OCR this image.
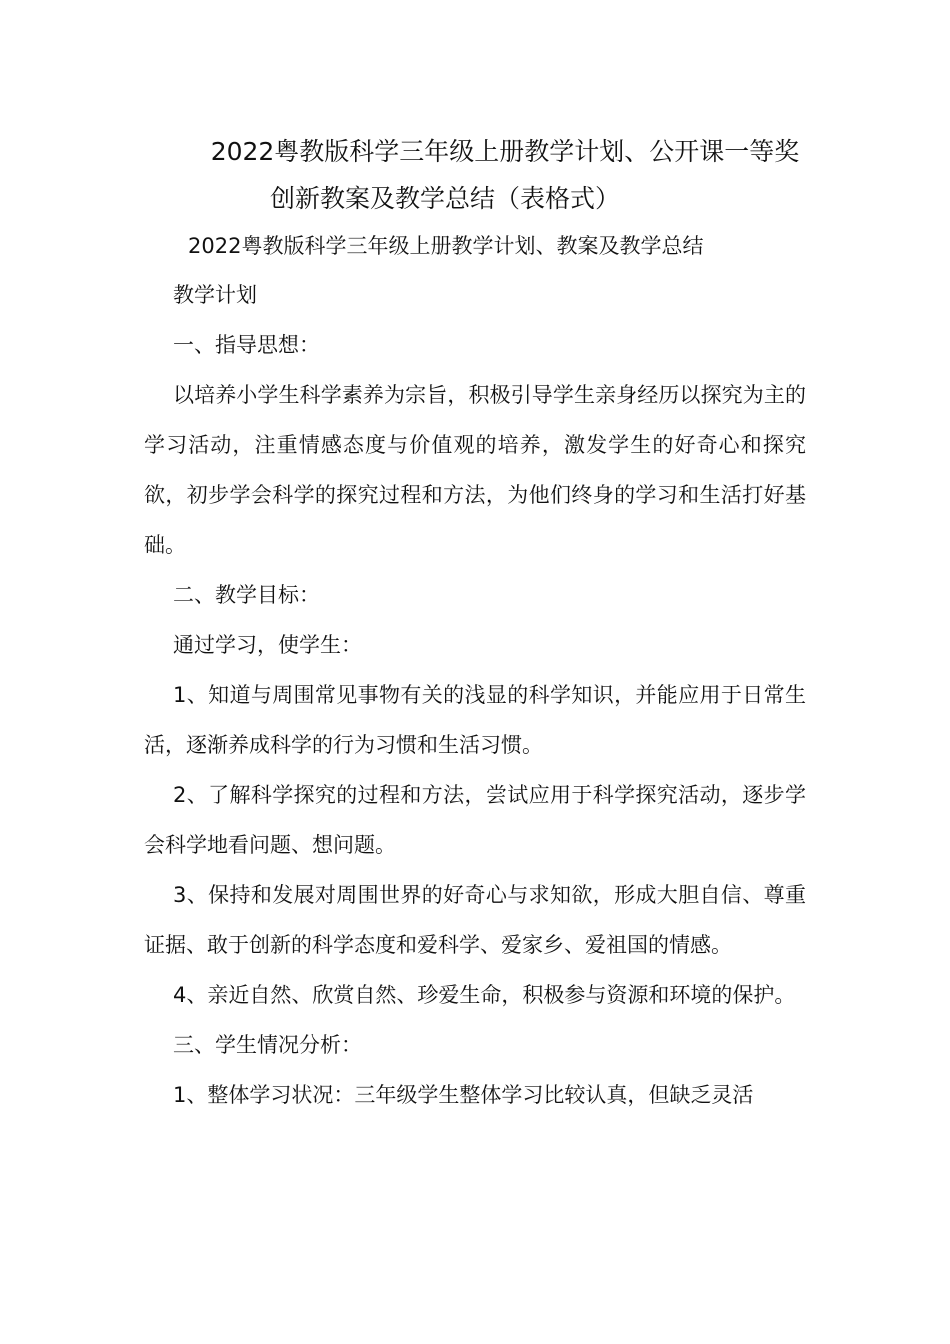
2022粤教版科学三年级上册教学计划、公开课一等奖
创新教案及教学总结（表格式）
2022粤教版科学三年级上册教学计划、教案及教学总结

教学计划

一、指导思想：

以培养小学生科学素养为宗旨，积极引导学生亲身经历以探究为主的学习活动，注重情感态度与价值观的培养，激发学生的好奇心和探究欲，初步学会科学的探究过程和方法，为他们终身的学习和生活打好基础。

二、教学目标：

通过学习，使学生：

1、知道与周围常见事物有关的浅显的科学知识，并能应用于日常生活，逐渐养成科学的行为习惯和生活习惯。

2、了解科学探究的过程和方法，尝试应用于科学探究活动，逐步学会科学地看问题、想问题。

3、保持和发展对周围世界的好奇心与求知欲，形成大胆自信、尊重证据、敢于创新的科学态度和爱科学、爱家乡、爱祖国的情感。

4、亲近自然、欣赏自然、珍爱生命，积极参与资源和环境的保护。

三、学生情况分析：

1、整体学习状况：三年级学生整体学习比较认真，但缺乏灵活
